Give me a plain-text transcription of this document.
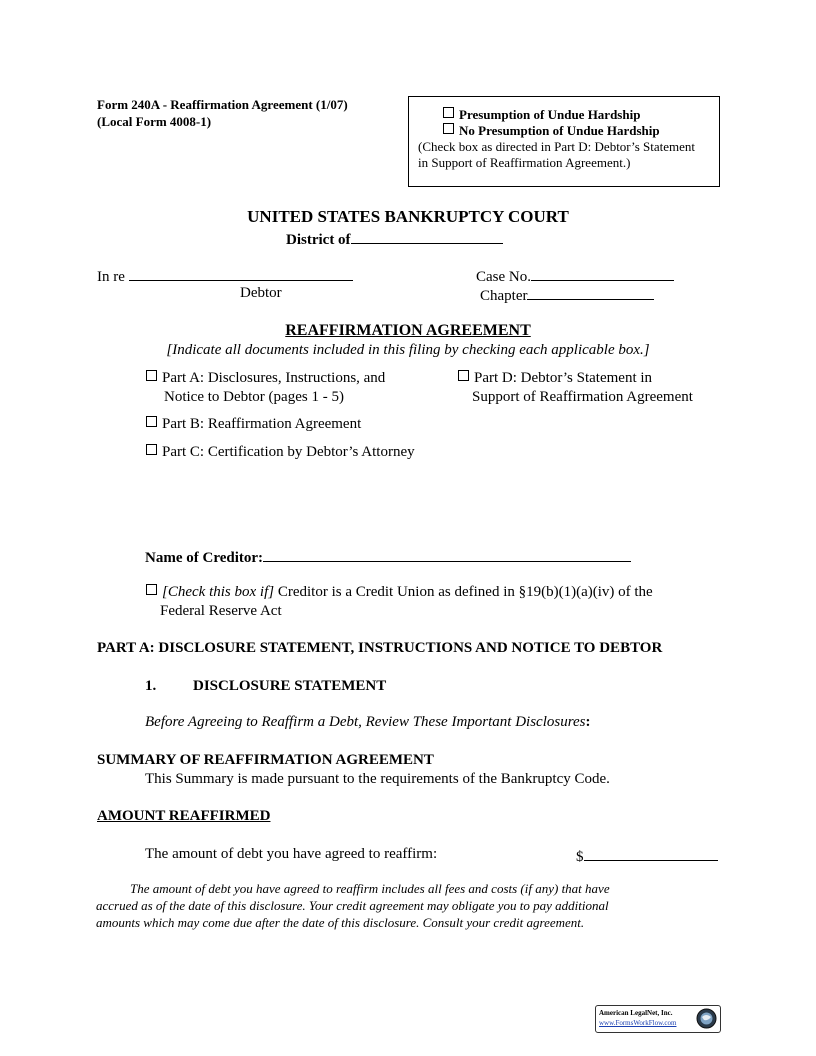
Form 240A - Reaffirmation Agreement (1/07)
(Local Form 4008-1)	Presumption of Undue Hardship
No Presumption of Undue Hardship
(Check box as directed in Part D: Debtor’s Statement
in Support of Reaffirmation Agreement.)
UNITED STATES BANKRUPTCY COURT
District of
In re
Debtor
Case No.
Chapter
REAFFIRMATION AGREEMENT
[Indicate all documents included in this filing by checking each applicable box.]
Part A: Disclosures, Instructions, and
Notice to Debtor (pages 1 - 5)
Part B: Reaffirmation Agreement
Part C: Certification by Debtor’s Attorney
Part D: Debtor’s Statement in
Support of Reaffirmation Agreement
Name of Creditor:
[Check this box if] Creditor is a Credit Union as defined in §19(b)(1)(a)(iv) of the
Federal Reserve Act
PART A: DISCLOSURE STATEMENT, INSTRUCTIONS AND NOTICE TO DEBTOR
1. DISCLOSURE STATEMENT
Before Agreeing to Reaffirm a Debt, Review These Important Disclosures:
SUMMARY OF REAFFIRMATION AGREEMENT
This Summary is made pursuant to the requirements of the Bankruptcy Code.
AMOUNT REAFFIRMED
The amount of debt you have agreed to reaffirm:	$
The amount of debt you have agreed to reaffirm includes all fees and costs (if any) that have
accrued as of the date of this disclosure. Your credit agreement may obligate you to pay additional
amounts which may come due after the date of this disclosure. Consult your credit agreement.
American LegalNet, Inc.
www.FormsWorkFlow.com
